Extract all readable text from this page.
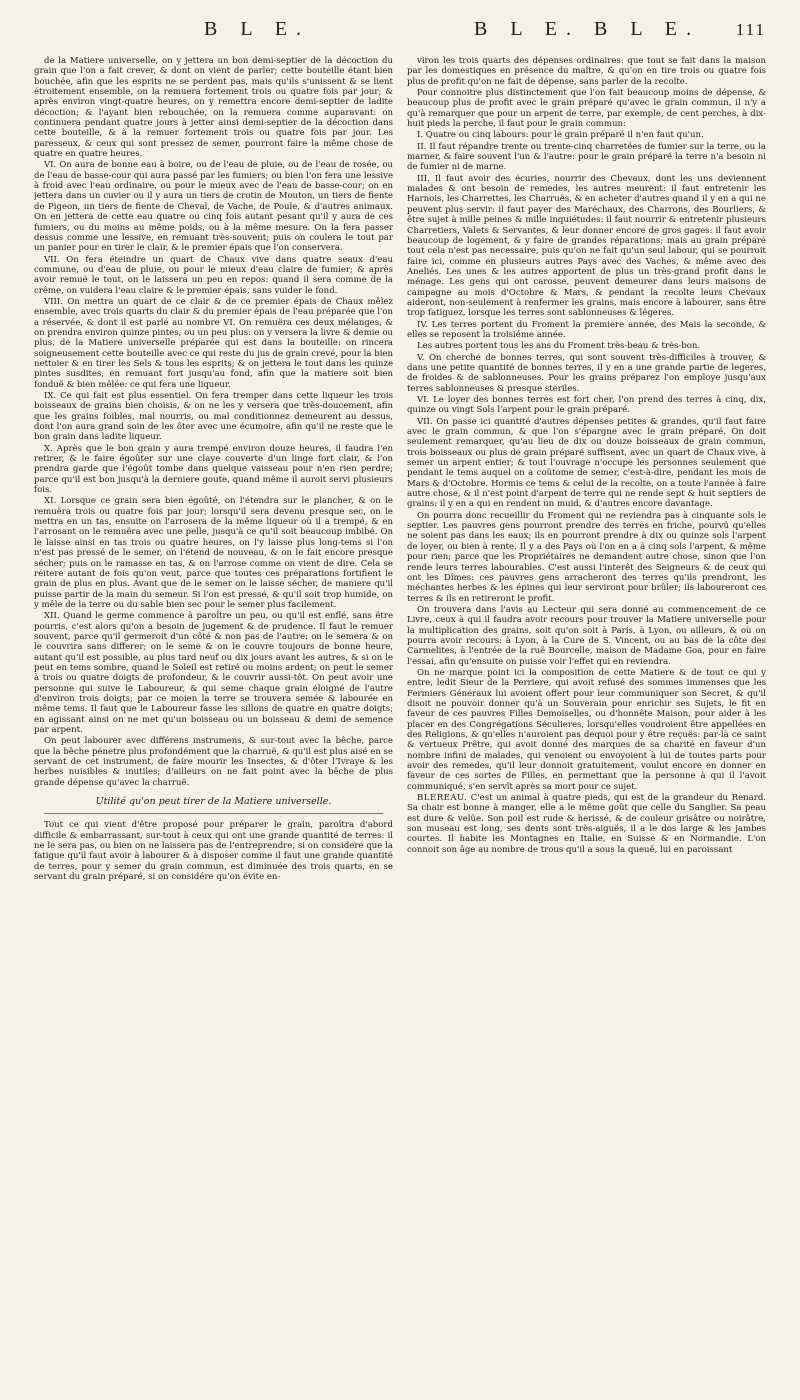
B L E.	B L E. B L E. 111

de la Matiere universelle, on y jettera un bon demi-septier de la décoction du grain que l'on a fait crever, & dont on vient de parler; cette bouteille étant bien bouchée, afin que les esprits ne se perdent pas, mais qu'ils s'unissent & se lient étroitement ensemble, on la remuera fortement trois ou quatre fois par jour; & après environ vingt-quatre heures, on y remettra encore demi-septier de ladite décoction; & l'ayant bien rebouchée, on la remuera comme auparavant: on continuera pendant quatre jours à jetter ainsi demi-septier de la décoction dans cette bouteille, & à la remuer fortement trois ou quatre fois par jour. Les paresseux, & ceux qui sont pressez de semer, pourront faire la même chose de quatre en quatre heures.

VI. On aura de bonne eau à boire, ou de l'eau de pluie, ou de l'eau de rosée, ou de l'eau de basse-cour qui aura passé par les fumiers; ou bien l'on fera une lessive à froid avec l'eau ordinaire, ou pour le mieux avec de l'eau de basse-cour; on en jettera dans un cuvier ou il y aura un tiers de crotin de Mouton, un tiers de fiente de Pigeon, un tiers de fiente de Cheval, de Vache, de Poule, & d'autres animaux. On en jettera de cette eau quatre ou cinq fois autant pesant qu'il y aura de ces fumiers, ou du moins au même poids, ou à la même mesure. On la fera passer dessus comme une lessive, en remuant très-souvent; puis on coulera le tout par un panier pour en tirer le clair, & le premier épais que l'on conservera.

VII. On fera éteindre un quart de Chaux vive dans quatre seaux d'eau commune, ou d'eau de pluie, ou pour le mieux d'eau claire de fumier; & après avoir remué le tout, on le laissera un peu en repos: quand il sera comme de la crême, on vuidera l'eau claire & le premier épais, sans vuider le fond.

VIII. On mettra un quart de ce clair & de ce premier épais de Chaux mêlez ensemble, avec trois quarts du clair & du premier épais de l'eau préparée que l'on a réservée, & dont il est parlé au nombre VI. On remuëra ces deux mélanges, & on prendra environ quinze pintes, ou un peu plus: on y versera la livre & demie ou plus, de la Matiere universelle préparée qui est dans la bouteille: on rincera soigneusement cette bouteille avec ce qui reste du jus de grain crevé, pour la bien nettoier & en tirer les Sels & tous les esprits; & on jettera le tout dans les quinze pintes susdites, en remuant fort jusqu'au fond, afin que la matiere soit bien fonduë & bien mêlée: ce qui fera une liqueur.

IX. Ce qui fait est plus essentiel. On fera tremper dans cette liqueur les trois boisseaux de grains bien choisis, & on ne les y versera que très-doucement, afin que les grains foibles, mal nourris, ou mal conditionnez demeurent au dessus, dont l'on aura grand soin de les ôter avec une écumoire, afin qu'il ne reste que le bon grain dans ladite liqueur.

X. Après que le bon grain y aura trempé environ douze heures, il faudra l'en retirer, & le faire égoûter sur une claye couverte d'un linge fort clair, & l'on prendra garde que l'égoût tombe dans quelque vaisseau pour n'en rien perdre; parce qu'il est bon jusqu'à la derniere goute, quand même il auroit servi plusieurs fois.

XI. Lorsque ce grain sera bien égoûté, on l'étendra sur le plancher, & on le remuëra trois ou quatre fois par jour; lorsqu'il sera devenu presque sec, on le mettra en un tas, ensuite on l'arrosera de la même liqueur où il a trempé, & en l'arrosant on le remuëra avec une pelle, jusqu'à ce qu'il soit beaucoup imbibé. On le laisse ainsi en tas trois ou quatre heures, on l'y laisse plus long-tems si l'on n'est pas pressé de le semer, on l'étend de nouveau, & on le fait encore presque sécher; puis on le ramasse en tas, & on l'arrose comme on vient de dire. Cela se réitere autant de fois qu'on veut, parce que toutes ces préparations fortifient le grain de plus en plus. Avant que de le semer on le laisse sécher, de maniere qu'il puisse partir de la main du semeur. Si l'on est pressé, & qu'il soit trop humide, on y mêle de la terre ou du sable bien sec pour le semer plus facilement.

XII. Quand le germe commence à paroître un peu, ou qu'il est enflé, sans être pourris, c'est alors qu'on a besoin de jugement & de prudence. Il faut le remuer souvent, parce qu'il germeroit d'un côté & non pas de l'autre: on le semera & on le couvrira sans differer; on le seme & on le couvre toujours de bonne heure, autant qu'il est possible, au plus tard neuf ou dix jours avant les autres, & si on le peut en tems sombre, quand le Soleil est retiré ou moins ardent; on peut le semer à trois ou quatre doigts de profondeur, & le couvrir aussi-tôt. On peut avoir une personne qui suive le Laboureur, & qui seme chaque grain éloigné de l'autre d'environ trois doigts; par ce moien la terre se trouvera semée & labourée en même tems. Il faut que le Laboureur fasse les sillons de quatre en quatre doigts; en agissant ainsi on ne met qu'un boisseau ou un boisseau & demi de semence par arpent.

On peut labourer avec différens instrumens, & sur-tout avec la bêche, parce que la bêche pénetre plus profondément que la charruë, & qu'il est plus aisé en se servant de cet instrument, de faire mourir les Insectes, & d'ôter l'Ivraye & les herbes nuisibles & inutiles; d'ailleurs on ne fait point avec la bêche de plus grande dépense qu'avec la charruë.

Utilité qu'on peut tirer de la Matiere universelle.

Tout ce qui vient d'être proposé pour préparer le grain, paroîtra d'abord difficile & embarrassant, sur-tout à ceux qui ont une grande quantité de terres: il ne le sera pas, ou bien on ne laissera pas de l'entreprendre, si on considere que la fatigue qu'il faut avoir à labourer & à disposer comme il faut une grande quantité de terres, pour y semer du grain commun, est diminuée des trois quarts, en se servant du grain préparé, si on considére qu'on évite en-

viron les trois quarts des dépenses ordinaires: que tout se fait dans la maison par les domestiques en présence du maître, & qu'on en tire trois ou quatre fois plus de profit qu'on ne fait de dépense, sans parler de la recolte.

Pour connoitre plus distinctement que l'on fait beaucoup moins de dépense, & beaucoup plus de profit avec le grain préparé qu'avec le grain commun, il n'y a qu'à remarquer que pour un arpent de terre, par exemple, de cent perches, à dix-huit pieds la perche, il faut pour le grain commun:

I. Quatre ou cinq labours: pour le grain préparé il n'en faut qu'un.

II. Il faut répandre trente ou trente-cinq charretées de fumier sur la terre, ou la marner, & faire souvent l'un & l'autre: pour le grain préparé la terre n'a besoin ni de fumier ni de marne.

III. Il faut avoir des écuries, nourrir des Chevaux, dont les uns deviennent malades & ont besoin de remedes, les autres meurent: il faut entretenir les Harnois, les Charrettes, les Charruës, & en acheter d'autres quand il y en a qui ne peuvent plus servir: il faut payer des Maréchaux, des Charrons, des Bourliers, & être sujet à mille peines & mille inquiétudes: il faut nourrir & entretenir plusieurs Charretiers, Valets & Servantes, & leur donner encore de gros gages: il faut avoir beaucoup de logement, & y faire de grandes réparations; mais au grain préparé tout cela n'est pas necessaire, puis qu'on ne fait qu'un seul labour, qui se pourroit faire ici, comme en plusieurs autres Pays avec des Vaches, & même avec des Aneliés. Les unes & les autres apportent de plus un très-grand profit dans le ménage. Les gens qui ont carosse, peuvent demeurer dans leurs maisons de campagne au mois d'Octobre & Mars, & pendant la recolte leurs Chevaux aideront, non-seulement à renfermer les grains, mais encore à labourer, sans être trop fatiguez, lorsque les terres sont sablonneuses & légeres.

IV. Les terres portent du Froment la premiere année, des Mais la seconde, & elles se reposent la troisiéme année.

Les autres portent tous les ans du Froment très-beau & très-bon.

V. On cherche de bonnes terres, qui sont souvent très-difficiles à trouver, & dans une petite quantité de bonnes terres, il y en a une grande partie de legeres, de froides & de sablonneuses. Pour les grains préparez l'on employe jusqu'aux terres sablonneuses & presque steriles.

VI. Le loyer des bonnes terres est fort cher, l'on prend des terres à cinq, dix, quinze ou vingt Sols l'arpent pour le grain préparé.

VII. On passe ici quantité d'autres dépenses petites & grandes, qu'il faut faire avec le grain commun, & que l'on s'épargne avec le grain préparé. On doit seulement remarquer, qu'au lieu de dix ou douze boisseaux de grain commun, trois boisseaux ou plus de grain préparé suffisent, avec un quart de Chaux vive, à semer un arpent entier; & tout l'ouvrage n'occupe les personnes seulement que pendant le tems auquel on a coûtome de semer, c'est-à-dire, pendant les mois de Mars & d'Octobre. Hormis ce tems & celui de la recolte, on a toute l'année à faire autre chose, & il n'est point d'arpent de terre qui ne rende sept & huit septiers de grains: il y en a qui en rendent un muid, & d'autres encore davantage.

On pourra donc recueillir du Froment qui ne reviendra pas à cinquante sols le septier. Les pauvres gens pourront prendre des terres en friche, pourvû qu'elles ne soient pas dans les eaux; ils en pourront prendre à dix ou quinze sols l'arpent de loyer, ou bien à rente. Il y a des Pays où l'on en a à cinq sols l'arpent, & même pour rien; parce que les Propriétaires ne demandent autre chose, sinon que l'on rende leurs terres labourables. C'est aussi l'interêt des Seigneurs & de ceux qui ont les Dîmes: ces pauvres gens arracheront des terres qu'ils prendront, les méchantes herbes & les épines qui leur serviront pour brûler; ils laboureront ces terres & ils en retireront le profit.

On trouvera dans l'avis au Lecteur qui sera donné au commencement de ce Livre, ceux à qui il faudra avoir recours pour trouver la Matiere universelle pour la multiplication des grains, soit qu'on soit à Paris, à Lyon, ou ailleurs, & où on pourra avoir recours: à Lyon, à la Cure de S. Vincent, ou au bas de la côte des Carmelites, à l'entrée de la ruë Bourcelle, maison de Madame Goa, pour en faire l'essai, afin qu'ensuite on puisse voir l'effet qui en reviendra.

On ne marque point ici la composition de cette Matiere & de tout ce qui y entre, ledit Sieur de la Perriere, qui avoit refusé des sommes immenses que les Fermiers Généraux lui avoient offert pour leur communiquer son Secret, & qu'il disoit ne pouvoir donner qu'à un Souverain pour enrichir ses Sujets, le fit en faveur de ces pauvres Filles Demoiselles, ou d'honnête Maison, pour aider à les placer en des Congrégations Séculieres, lorsqu'elles voudroient être appellées en des Religions, & qu'elles n'auroient pas dequoi pour y être reçuës: par-là ce saint & vertueux Prêtre, qui avoit donné des marques de sa charité en faveur d'un nombre infini de malades, qui venoient ou envoyoient à lui de toutes parts pour avoir des remedes, qu'il leur donnoit gratuitement, voulut encore en donner en faveur de ces sortes de Filles, en permettant que la personne à qui il l'avoit communiqué, s'en servît après sa mort pour ce sujet.

BLEREAU. C'est un animal à quatre pieds, qui est de la grandeur du Renard. Sa chair est bonne à manger, elle a le même goût que celle du Sanglier. Sa peau est dure & velüe. Son poil est rude & herissé, & de couleur grisâtre ou noirâtre, son museau est long, ses dents sont très-aiguës, il a le dos large & les jambes courtes. Il habite les Montagnes en Italie, en Suisse & en Normandie. L'on connoit son âge au nombre de trous qu'il a sous la queuë, lui en paroissant
